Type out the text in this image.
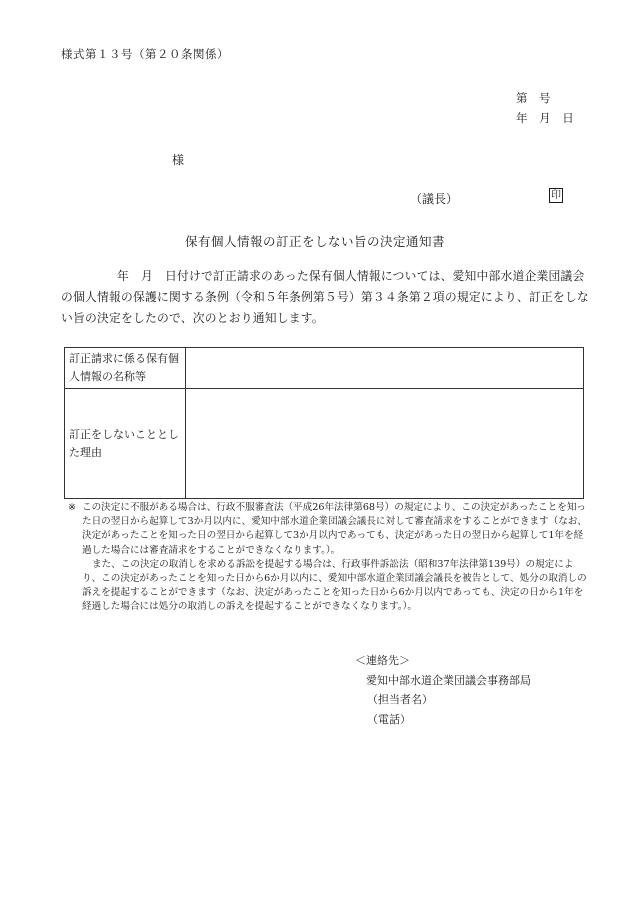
様式第１３号（第２０条関係）
第　号
年 月 日
様
（議長）	印
保有個人情報の訂正をしない旨の決定通知書
年　月　日付けで訂正請求のあった保有個人情報については、愛知中部水道企業団議会の個人情報の保護に関する条例（令和５年条例第５号）第３４条第２項の規定により、訂正をしない旨の決定をしたので、次のとおり通知します。
訂正請求に係る保有個人情報の名称等	
訂正をしないこととした理由	

※ この決定に不服がある場合は、行政不服審査法（平成26年法律第68号）の規定により、この決定があったことを知った日の翌日から起算して3か月以内に、愛知中部水道企業団議会議長に対して審査請求をすることができます（なお、決定があったことを知った日の翌日から起算して3か月以内であっても、決定があった日の翌日から起算して1年を経過した場合には審査請求をすることができなくなります。）。

また、この決定の取消しを求める訴訟を提起する場合は、行政事件訴訟法（昭和37年法律第139号）の規定により、この決定があったことを知った日から6か月以内に、愛知中部水道企業団議会議長を被告として、処分の取消しの訴えを提起することができます（なお、決定があったことを知った日から6か月以内であっても、決定の日から1年を経過した場合には処分の取消しの訴えを提起することができなくなります。）。

＜連絡先＞
愛知中部水道企業団議会事務部局
（担当者名）
（電話）
